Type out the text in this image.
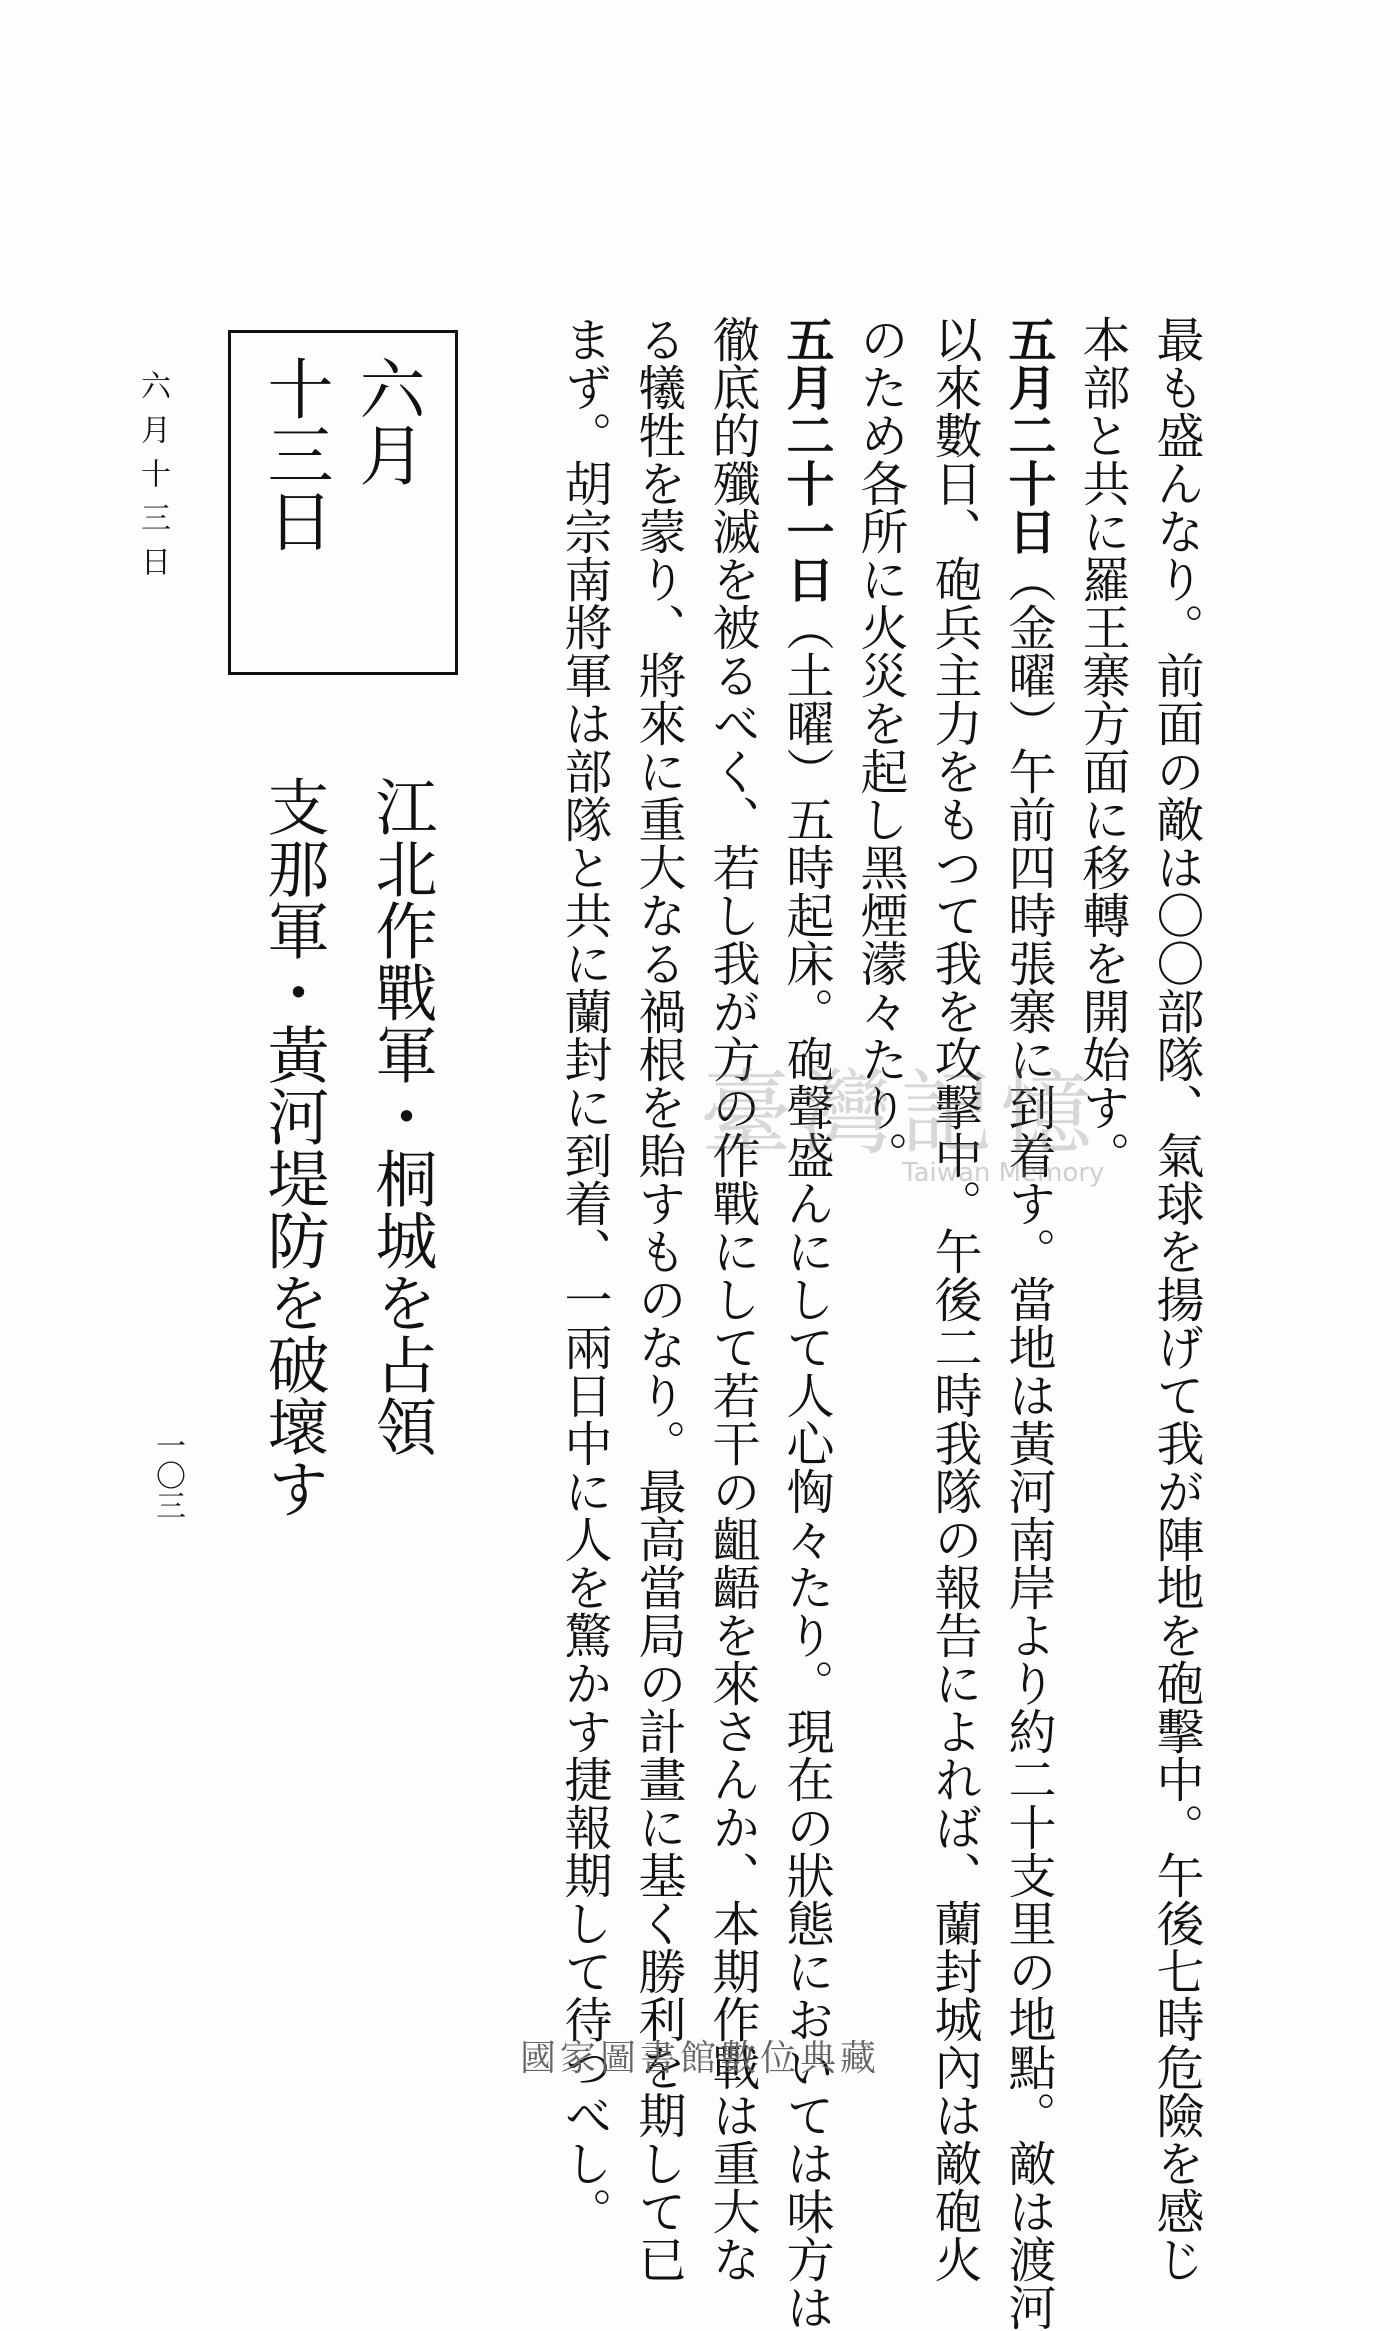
最も盛んなり。前面の敵は〇〇部隊、氣球を揚げて我が陣地を砲擊中。午後七時危險を感じ
本部と共に羅王寨方面に移轉を開始す。
五月二十日（金曜）午前四時張寨に到着す。當地は黃河南岸より約二十支里の地點。敵は渡河
以來數日、砲兵主力をもつて我を攻擊中。午後二時我隊の報告によれば、蘭封城內は敵砲火
のため各所に火災を起し黑煙濛々たり。
五月二十一日（土曜）五時起床。砲聲盛んにして人心恟々たり。現在の狀態においては味方は
徹底的殲滅を被るべく、若し我が方の作戰にして若干の齟齬を來さんか、本期作戰は重大な
る犧牲を蒙り、將來に重大なる禍根を貽すものなり。最高當局の計畫に基く勝利を期して已
まず。胡宗南將軍は部隊と共に蘭封に到着、一兩日中に人を驚かす捷報期して待つべし。
江北作戰軍・桐城を占領
支那軍・黃河堤防を破壞す
六月
十三日
六月十三日
一〇三
臺灣記憶
Taiwan Memory
國家圖書館數位典藏
